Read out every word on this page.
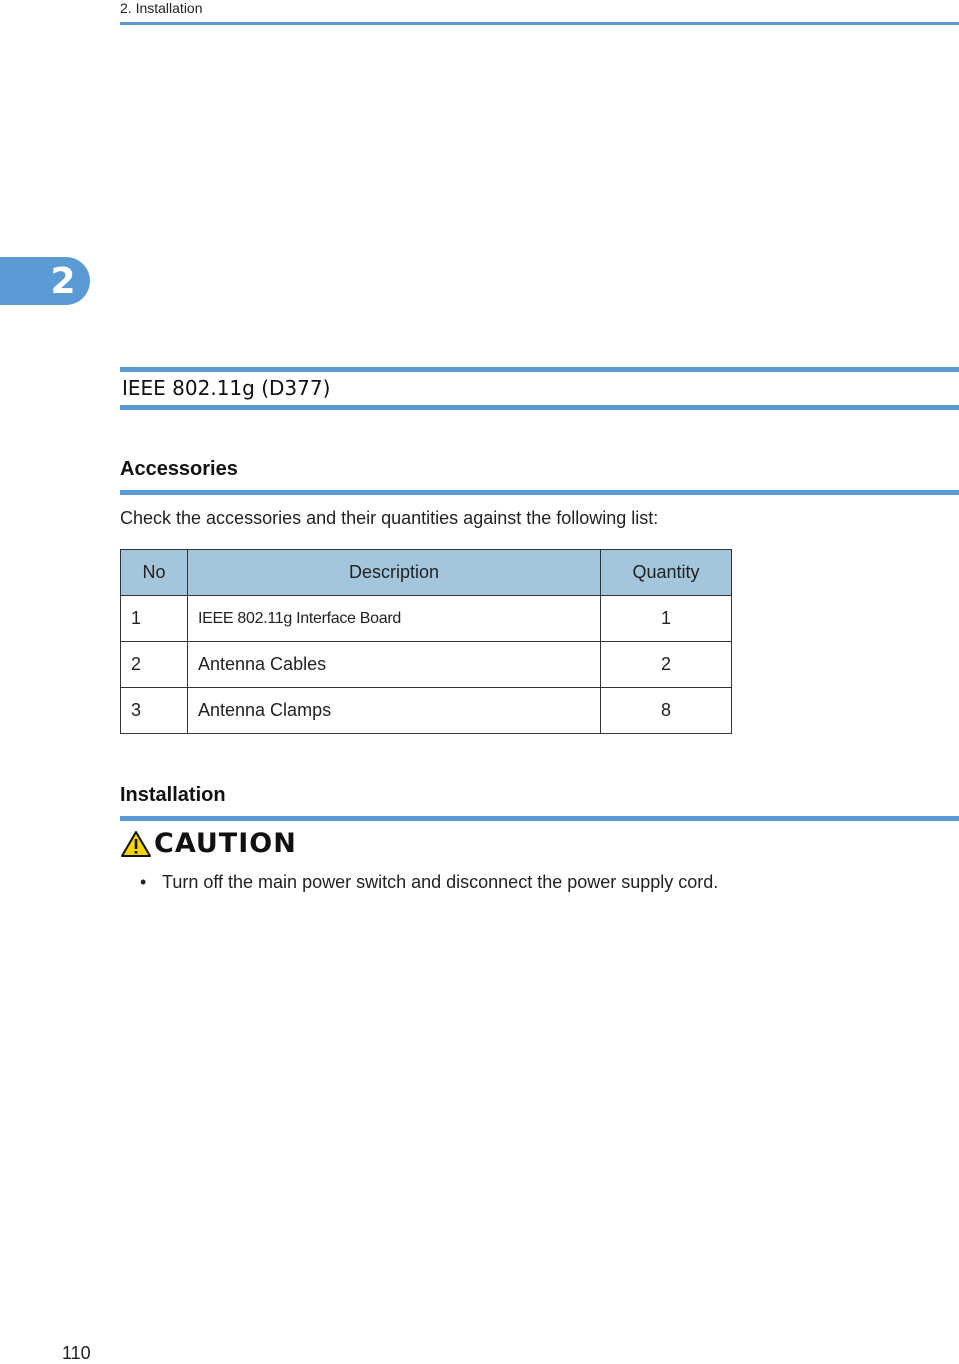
2. Installation
2
IEEE 802.11g (D377)
Accessories
Check the accessories and their quantities against the following list:
No	Description	Quantity
1	IEEE 802.11g Interface Board	1
2	Antenna Cables	2
3	Antenna Clamps	8
Installation
CAUTION
• Turn off the main power switch and disconnect the power supply cord.
110
